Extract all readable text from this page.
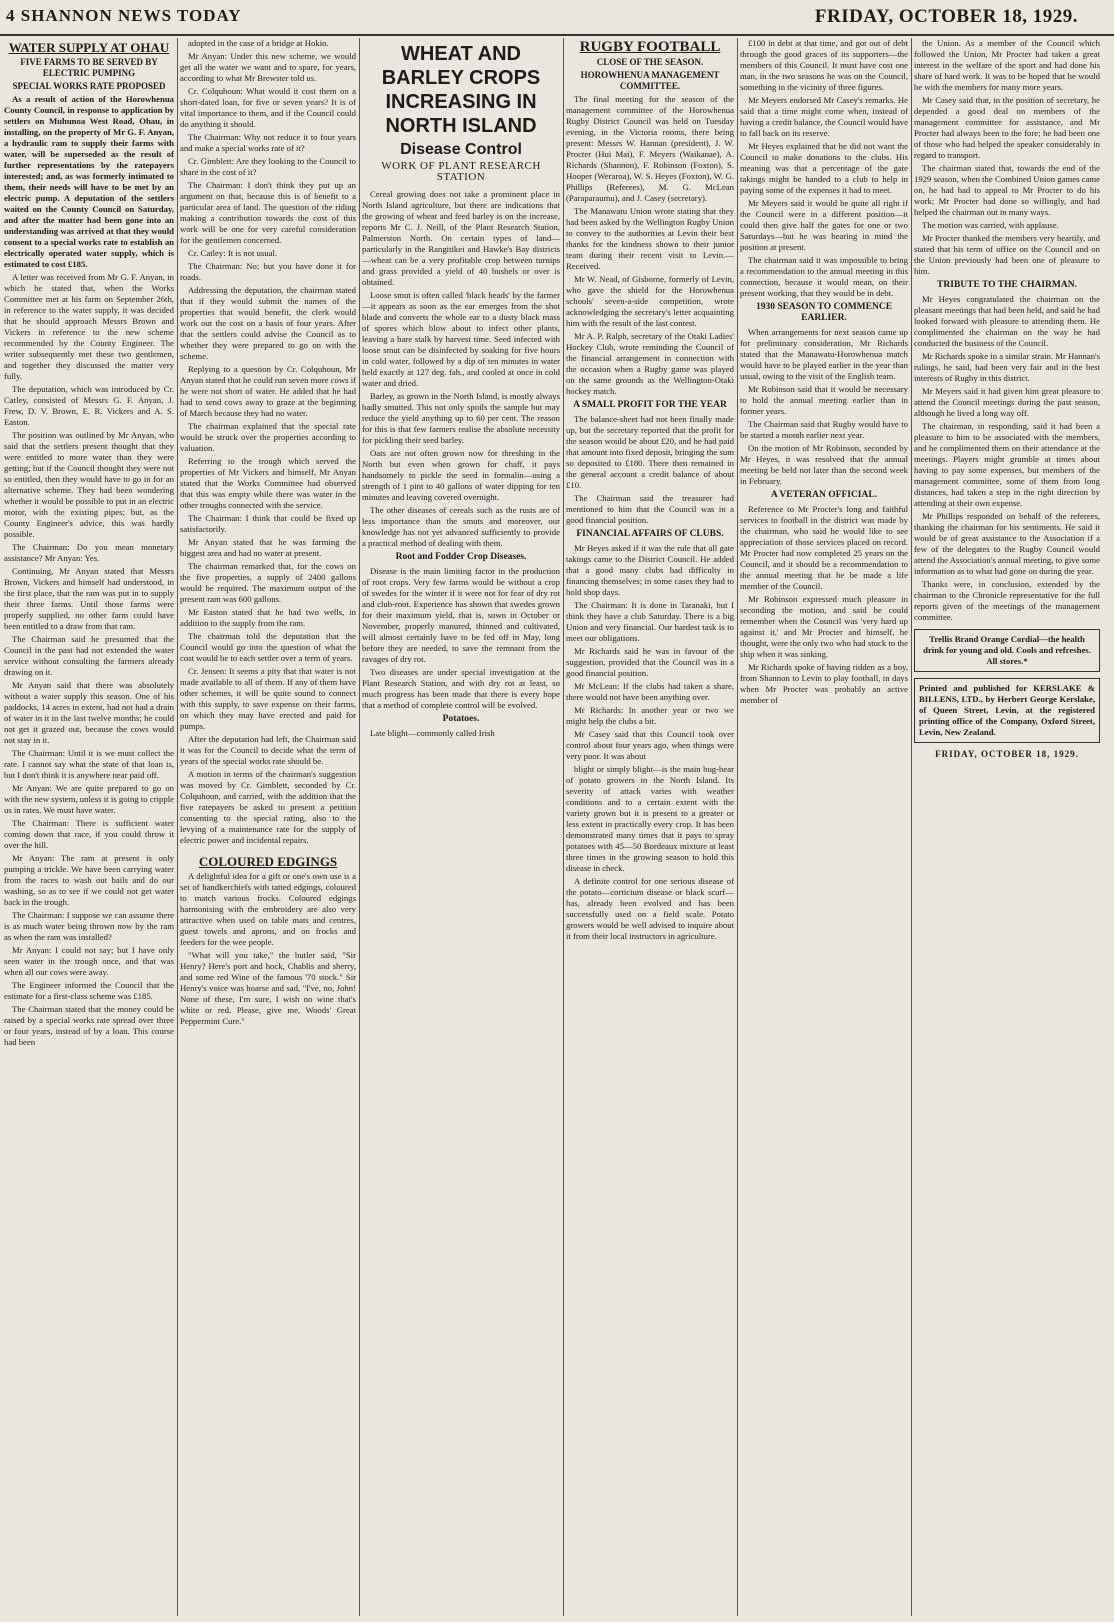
4 SHANNON NEWS TODAY	FRIDAY, OCTOBER 18, 1929.
WATER SUPPLY AT OHAU
FIVE FARMS TO BE SERVED BY ELECTRIC PUMPING
SPECIAL WORKS RATE PROPOSED

As a result of action of the Horowhenua County Council, in response to application by settlers on Muhunoa West Road, Ohau, in installing, on the property of Mr G. F. Anyan, a hydraulic ram to supply their farms with water, will be superseded as the result of further representations by the ratepayers interested; and, as was formerly intimated to them, their needs will have to be met by an electric pump. A deputation of the settlers waited on the County Council on Saturday, and after the matter had been gone into an understanding was arrived at that they would consent to a special works rate to establish an electrically operated water supply, which is estimated to cost £185.

A letter was received from Mr G. F. Anyan, in which he stated that, when the Works Committee met at his farm on September 26th, in reference to the water supply, it was decided that he should approach Messrs Brown and Vickers in reference to the new scheme recommended by the County Engineer. The writer subsequently met these two gentlemen, and together they discussed the matter very fully.

The deputation, which was introduced by Cr. Catley, consisted of Messrs G. F. Anyan, J. Frew, D. V. Brown, E. R. Vickers and A. S. Easton.

The position was outlined by Mr Anyan, who said that the settlers present thought that they were entitled to more water than they were getting; but if the Council thought they were not so entitled, then they would have to go in for an alternative scheme. They had been wondering whether it would be possible to put in an electric motor, with the existing pipes; but, as the County Engineer's advice, this was hardly possible.

The Chairman: Do you mean monetary assistance? Mr Anyan: Yes.

Continuing, Mr Anyan stated that Messrs Brown, Vickers and himself had understood, in the first place, that the ram was put in to supply their three farms. Until those farms were properly supplied, no other farm could have been entitled to a draw from that ram.

The Chairman said he presumed that the Council in the past had not extended the water service without consulting the farmers already drawing on it.

Mr Anyan said that there was absolutely without a water supply this season. One of his paddocks, 14 acres in extent, had not had a drain of water in it in the last twelve months; he could not get it grazed out, because the cows would not stay in it.

The Chairman: Until it is we must collect the rate. I cannot say what the state of that loan is, but I don't think it is anywhere near paid off.

Mr Anyan: We are quite prepared to go on with the new system, unless it is going to cripple us in rates. We must have water.

The Chairman: There is sufficient water coming down that race, if you could throw it over the hill.

Mr Anyan: The ram at present is only pumping a trickle. We have been carrying water from the races to wash out bails and do our washing, so as to see if we could not get water back in the trough.

The Chairman: I suppose we can assume there is as much water being thrown now by the ram as when the ram was installed?

Mr Anyan: I could not say; but I have only seen water in the trough once, and that was when all our cows were away.

The Engineer informed the Council that the estimate for a first-class scheme was £185.

The Chairman stated that the money could be raised by a special works rate spread over three or four years, instead of by a loan. This course had been

adopted in the case of a bridge at Hokio.

Mr Anyan: Under this new scheme, we would get all the water we want and to spare, for years, according to what Mr Brewster told us.

Cr. Colquhoun: What would it cost them on a short-dated loan, for five or seven years? It is of vital importance to them, and if the Council could do anything it should.

The Chairman: Why not reduce it to four years and make a special works rate of it?

Cr. Gimblett: Are they looking to the Council to share in the cost of it?

The Chairman: I don't think they put up an argument on that, because this is of benefit to a particular area of land. The question of the riding making a contribution towards the cost of this work will be one for very careful consideration for the gentlemen concerned.

Cr. Catley: It is not usual.

The Chairman: No; but you have done it for roads.

Addressing the deputation, the chairman stated that if they would submit the names of the properties that would benefit, the clerk would work out the cost on a basis of four years. After that the settlers could advise the Council as to whether they were prepared to go on with the scheme.

Replying to a question by Cr. Colquhoun, Mr Anyan stated that he could run seven more cows if he were not short of water. He added that he had had to send cows away to graze at the beginning of March because they had no water.

The chairman explained that the special rate would be struck over the properties according to valuation.

Referring to the trough which served the properties of Mr Vickers and himself, Mr Anyan stated that the Works Committee had observed that this was empty while there was water in the other troughs connected with the service.

The Chairman: I think that could be fixed up satisfactorily.

Mr Anyan stated that he was farming the biggest area and had no water at present.

The chairman remarked that, for the cows on the five properties, a supply of 2400 gallons would be required. The maximum output of the present ram was 600 gallons.

Mr Easton stated that he had two wells, in addition to the supply from the ram.

The chairman told the deputation that the Council would go into the question of what the cost would be to each settler over a term of years.

Cr. Jensen: It seems a pity that that water is not made available to all of them. If any of them have other schemes, it will be quite sound to connect with this supply, to save expense on their farms, on which they may have erected and paid for pumps.

After the deputation had left, the Chairman said it was for the Council to decide what the term of years of the special works rate should be.

A motion in terms of the chairman's suggestion was moved by Cr. Gimblett, seconded by Cr. Colquhoun, and carried, with the addition that the five ratepayers be asked to present a petition consenting to the special rating, also to the levying of a maintenance rate for the supply of electric power and incidental repairs.

COLOURED EDGINGS

A delightful idea for a gift or one's own use is a set of handkerchiefs with tatted edgings, coloured to match various frocks. Coloured edgings harmonising with the embroidery are also very attractive when used on table mats and centres, guest towels and aprons, and on frocks and feeders for the wee people.

"What will you take," the butler said, "Sir Henry? Here's port and hock, Chablis and sherry, and some red Wine of the famous '70 stock." Sir Henry's voice was hoarse and sad, "I've, no, John! None of these, I'm sure, I wish no wine that's white or red. Please, give me, Woods' Great Peppermint Cure."

WHEAT AND BARLEY CROPS INCREASING IN NORTH ISLAND
Disease Control
WORK OF PLANT RESEARCH STATION

Cereal growing does not take a prominent place in North Island agriculture, but there are indications that the growing of wheat and feed barley is on the increase, reports Mr C. J. Neill, of the Plant Research Station, Palmerston North. On certain types of land—particularly in the Rangitikei and Hawke's Bay districts—wheat can be a very profitable crop between turnips and grass provided a yield of 40 bushels or over is obtained.

Loose smut is often called 'black heads' by the farmer—it appears as soon as the ear emerges from the shot blade and converts the whole ear to a dusty black mass of spores which blow about to infect other plants, leaving a bare stalk by harvest time. Seed infected with loose smut can be disinfected by soaking for five hours in cold water, followed by a dip of ten minutes in water held exactly at 127 deg. fah., and cooled at once in cold water and dried.

Barley, as grown in the North Island, is mostly always badly smutted. This not only spoils the sample but may reduce the yield anything up to 60 per cent. The reason for this is that few farmers realise the absolute necessity for pickling their seed barley.

Oats are not often grown now for threshing in the North but even when grown for chaff, it pays handsomely to pickle the seed in formalin—using a strength of 1 pint to 40 gallons of water dipping for ten minutes and leaving covered overnight.

The other diseases of cereals such as the rusts are of less importance than the smuts and moreover, our knowledge has not yet advanced sufficiently to provide a practical method of dealing with them.

Root and Fodder Crop Diseases.

Disease is the main limiting factor in the production of root crops. Very few farms would be without a crop of swedes for the winter if it were not for fear of dry rot and club-root. Experience has shown that swedes grown for their maximum yield, that is, sown in October or November, properly manured, thinned and cultivated, will almost certainly have to be fed off in May, long before they are needed, to save the remnant from the ravages of dry rot.

Two diseases are under special investigation at the Plant Research Station, and with dry rot at least, so much progress has been made that there is every hope that a method of complete control will be evolved.

Potatoes.

Late blight—commonly called Irish

RUGBY FOOTBALL
CLOSE OF THE SEASON.
HOROWHENUA MANAGEMENT COMMITTEE.

The final meeting for the season of the management committee of the Horowhenua Rugby District Council was held on Tuesday evening, in the Victoria rooms, there being present: Messrs W. Hannan (president), J. W. Procter (Hui Mai), F. Meyers (Waikanae), A. Richards (Shannon), F. Robinson (Foxton), S. Hooper (Weraroa), W. S. Heyes (Foxton), W. G. Phillips (Referees), M. G. McLean (Paraparaumu), and J. Casey (secretary).

The Manawatu Union wrote stating that they had been asked by the Wellington Rugby Union to convey to the authorities at Levin their best thanks for the kindness shown to their junior team during their recent visit to Levin.—Received.

Mr W. Nead, of Gisborne, formerly of Levin, who gave the shield for the Horowhenua schools' seven-a-side competition, wrote acknowledging the secretary's letter acquainting him with the result of the last contest.

Mr A. P. Ralph, secretary of the Otaki Ladies' Hockey Club, wrote reminding the Council of the financial arrangement in connection with the occasion when a Rugby game was played on the same grounds as the Wellington-Otaki hockey match.

A SMALL PROFIT FOR THE YEAR

The balance-sheet had not been finally made up, but the secretary reported that the profit for the season would be about £20, and he had paid that amount into fixed deposit, bringing the sum so deposited to £180. There then remained in the general account a credit balance of about £10.

The Chairman said the treasurer had mentioned to him that the Council was in a good financial position.

FINANCIAL AFFAIRS OF CLUBS.

Mr Heyes asked if it was the rule that all gate takings came to the District Council. He added that a good many clubs had difficulty in financing themselves; in some cases they had to hold shop days.

The Chairman: It is done in Taranaki, but I think they have a club Saturday. There is a big Union and very financial. Our hardest task is to meet our obligations.

Mr Richards said he was in favour of the suggestion, provided that the Council was in a good financial position.

Mr McLean: If the clubs had taken a share, there would not have been anything over.

Mr Richards: In another year or two we might help the clubs a bit.

Mr Casey said that this Council took over control about four years ago, when things were very poor. It was about

blight or simply blight—is the main bug-bear of potato growers in the North Island. Its severity of attack varies with weather conditions and to a certain extent with the variety grown but it is present to a greater or less extent in practically every crop. It has been demonstrated many times that it pays to spray potatoes with 45—50 Bordeaux mixture at least three times in the growing season to hold this disease in check.

A definite control for one serious disease of the potato—corticium disease or black scurf—has, already been evolved and has been successfully used on a field scale. Potato growers would be well advised to inquire about it from their local instructors in agriculture.

£100 in debt at that time, and got out of debt through the good graces of its supporters—the members of this Council. It must have cost one man, in the two seasons he was on the Council, something in the vicinity of three figures.

Mr Meyers endorsed Mr Casey's remarks. He said that a time might come when, instead of having a credit balance, the Council would have to fall back on its reserve.

Mr Heyes explained that he did not want the Council to make donations to the clubs. His meaning was that a percentage of the gate takings might be handed to a club to help in paying some of the expenses it had to meet.

Mr Meyers said it would be quite all right if the Council were in a different position—it could then give half the gates for one or two Saturdays—but he was bearing in mind the position at present.

The chairman said it was impossible to bring a recommendation to the annual meeting in this connection, because it would mean, on their present working, that they would be in debt.

1930 SEASON TO COMMENCE EARLIER.

When arrangements for next season came up for preliminary consideration, Mr Richards stated that the Manawatu-Horowhenua match would have to be played earlier in the year than usual, owing to the visit of the English team.

Mr Robinson said that it would be necessary to hold the annual meeting earlier than in former years.

The Chairman said that Rugby would have to be started a month earlier next year.

On the motion of Mr Robinson, seconded by Mr Heyes, it was resolved that the annual meeting be held not later than the second week in February.

A VETERAN OFFICIAL.

Reference to Mr Procter's long and faithful services to football in the district was made by the chairman, who said he would like to see appreciation of those services placed on record. Mr Procter had now completed 25 years on the Council, and it should be a recommendation to the annual meeting that he be made a life member of the Council.

Mr Robinson expressed much pleasure in seconding the motion, and said he could remember when the Council was 'very hard up against it,' and Mr Procter and himself, he thought, were the only two who had stuck to the ship when it was sinking.

Mr Richards spoke of having ridden as a boy, from Shannon to Levin to play football, in days when Mr Procter was probably an active member of

the Union. As a member of the Council which followed the Union, Mr Procter had taken a great interest in the welfare of the sport and had done his share of hard work. It was to be hoped that he would be with the members for many more years.

Mr Casey said that, in the position of secretary, he depended a good deal on members of the management committee for assistance, and Mr Procter had always been to the fore; he had been one of those who had helped the speaker considerably in regard to transport.

The chairman stated that, towards the end of the 1929 season, when the Combined Union games came on, he had had to appeal to Mr Procter to do his work; Mr Procter had done so willingly, and had helped the chairman out in many ways.

The motion was carried, with applause.

Mr Procter thanked the members very heartily, and stated that his term of office on the Council and on the Union previously had been one of pleasure to him.

TRIBUTE TO THE CHAIRMAN.

Mr Heyes congratulated the chairman on the pleasant meetings that had been held, and said he had looked forward with pleasure to attending them. He complimented the chairman on the way he had conducted the business of the Council.

Mr Richards spoke in a similar strain. Mr Hannan's rulings, he said, had been very fair and in the best interests of Rugby in this district.

Mr Meyers said it had given him great pleasure to attend the Council meetings during the past season, although he lived a long way off.

The chairman, in responding, said it had been a pleasure to him to be associated with the members, and he complimented them on their attendance at the meetings. Players might grumble at times about having to pay some expenses, but members of the management committee, some of them from long distances, had taken a step in the right direction by attending at their own expense.

Mr Phillips responded on behalf of the referees, thanking the chairman for his sentiments. He said it would be of great assistance to the Association if a few of the delegates to the Rugby Council would attend the Association's annual meeting, to give some information as to what had gone on during the year.

Thanks were, in conclusion, extended by the chairman to the Chronicle representative for the full reports given of the meetings of the management committee.

Trellis Brand Orange Cordial—the health drink for young and old. Cools and refreshes. All stores.*
Printed and published for KERSLAKE & BILLENS, LTD., by Herbert George Kerslake, of Queen Street, Levin, at the registered printing office of the Company, Oxford Street, Levin, New Zealand.
FRIDAY, OCTOBER 18, 1929.
